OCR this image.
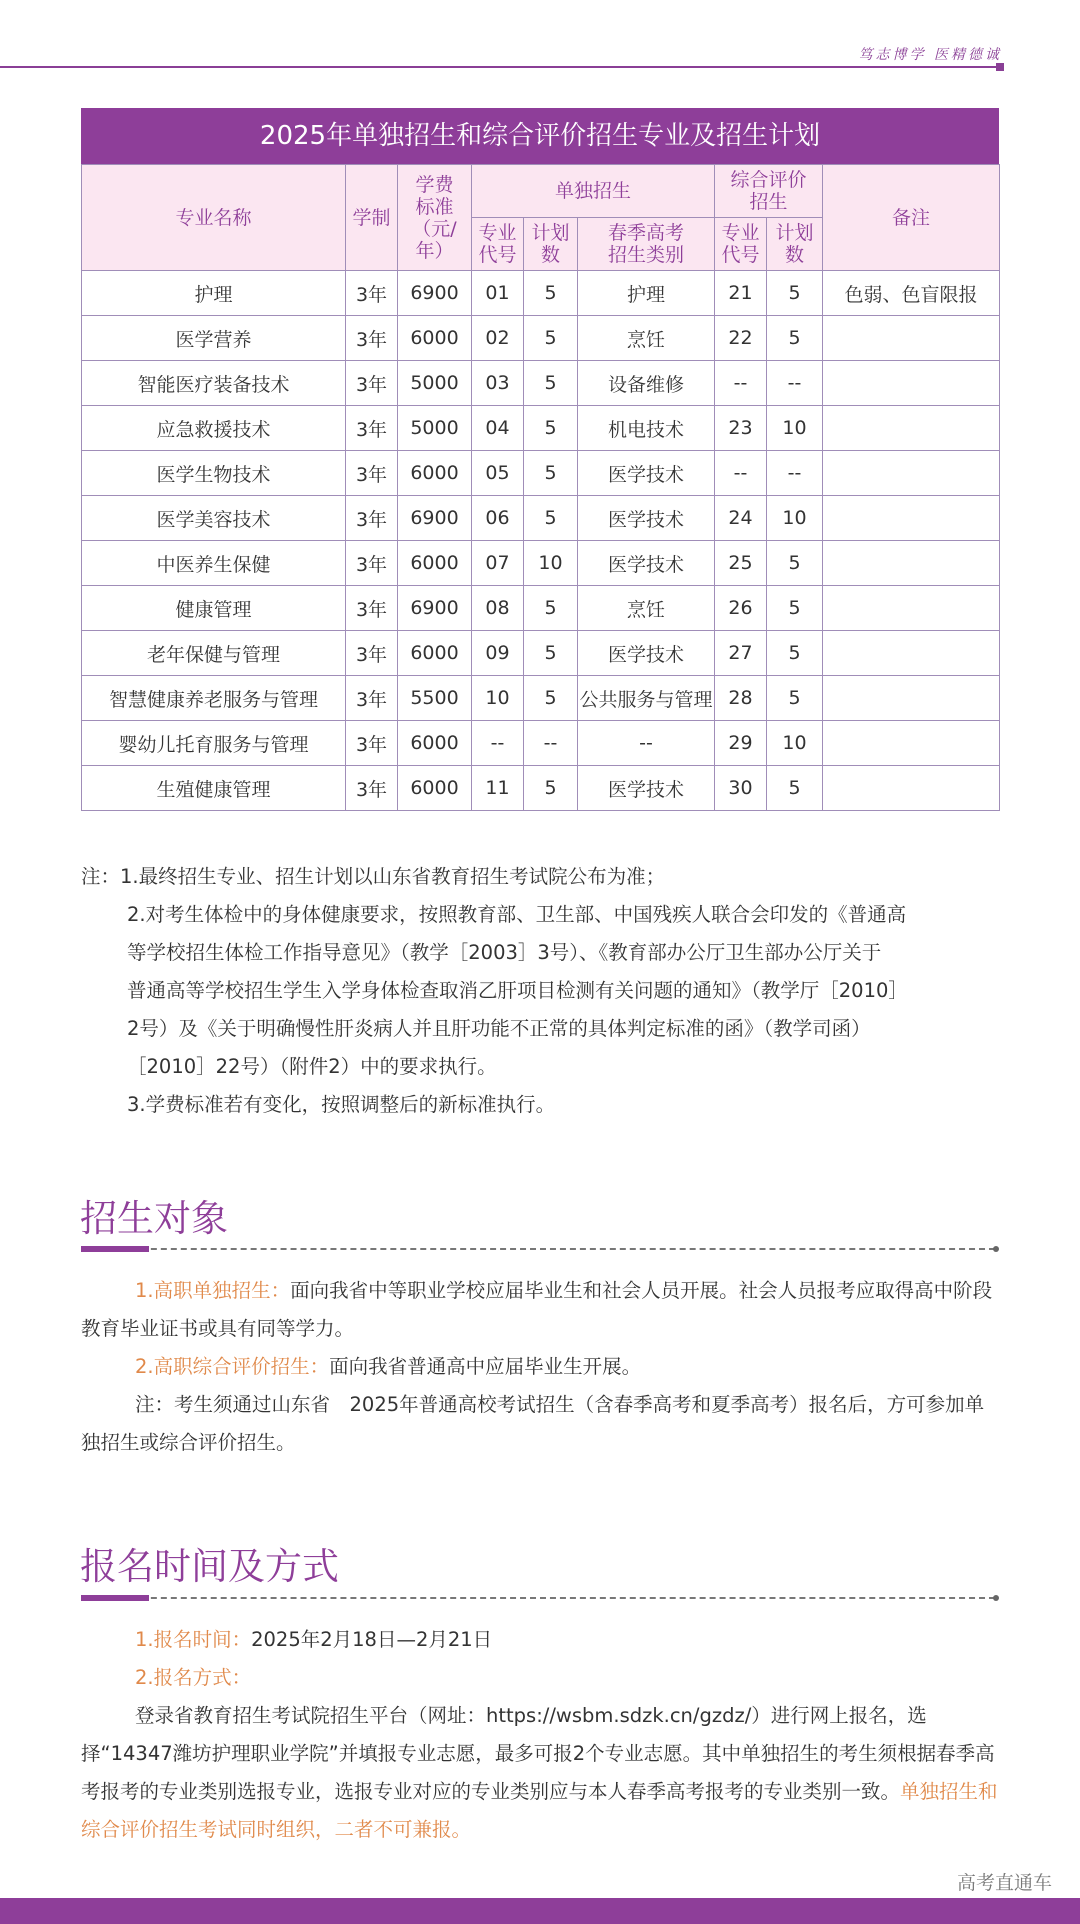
笃志博学 医精德诚
2025年单独招生和综合评价招生专业及招生计划
专业名称	学制	学费标准（元/年）	单独招生			综合评价招生		备注

			专业代号	计划数	春季高考招生类别	专业代号	计划数	

护理	3年	6900	01	5	护理	21	5	色弱、色盲限报
医学营养	3年	6000	02	5	烹饪	22	5	
智能医疗装备技术	3年	5000	03	5	设备维修	--	--	
应急救援技术	3年	5000	04	5	机电技术	23	10	
医学生物技术	3年	6000	05	5	医学技术	--	--	
医学美容技术	3年	6900	06	5	医学技术	24	10	
中医养生保健	3年	6000	07	10	医学技术	25	5	
健康管理	3年	6900	08	5	烹饪	26	5	
老年保健与管理	3年	6000	09	5	医学技术	27	5	
智慧健康养老服务与管理	3年	5500	10	5	公共服务与管理	28	5	
婴幼儿托育服务与管理	3年	6000	--	--	--	29	10	
生殖健康管理	3年	6000	11	5	医学技术	30	5	
注：1.最终招生专业、招生计划以山东省教育招生考试院公布为准；
2.对考生体检中的身体健康要求，按照教育部、卫生部、中国残疾人联合会印发的《普通高
等学校招生体检工作指导意见》（教学［2003］3号）、《教育部办公厅卫生部办公厅关于
普通高等学校招生学生入学身体检查取消乙肝项目检测有关问题的通知》（教学厅［2010］
2号）及《关于明确慢性肝炎病人并且肝功能不正常的具体判定标准的函》（教学司函）
［2010］22号）（附件2）中的要求执行。
3.学费标准若有变化，按照调整后的新标准执行。
招生对象

1.高职单独招生：面向我省中等职业学校应届毕业生和社会人员开展。社会人员报考应取得高中阶段教育毕业证书或具有同等学力。

2.高职综合评价招生：面向我省普通高中应届毕业生开展。

注：考生须通过山东省　2025年普通高校考试招生（含春季高考和夏季高考）报名后，方可参加单独招生或综合评价招生。

报名时间及方式

1.报名时间：2025年2月18日—2月21日

2.报名方式：

登录省教育招生考试院招生平台（网址：https://wsbm.sdzk.cn/gzdz/）进行网上报名，选择“14347潍坊护理职业学院”并填报专业志愿，最多可报2个专业志愿。其中单独招生的考生须根据春季高考报考的专业类别选报专业，选报专业对应的专业类别应与本人春季高考报考的专业类别一致。单独招生和综合评价招生考试同时组织，二者不可兼报。

高考直通车
